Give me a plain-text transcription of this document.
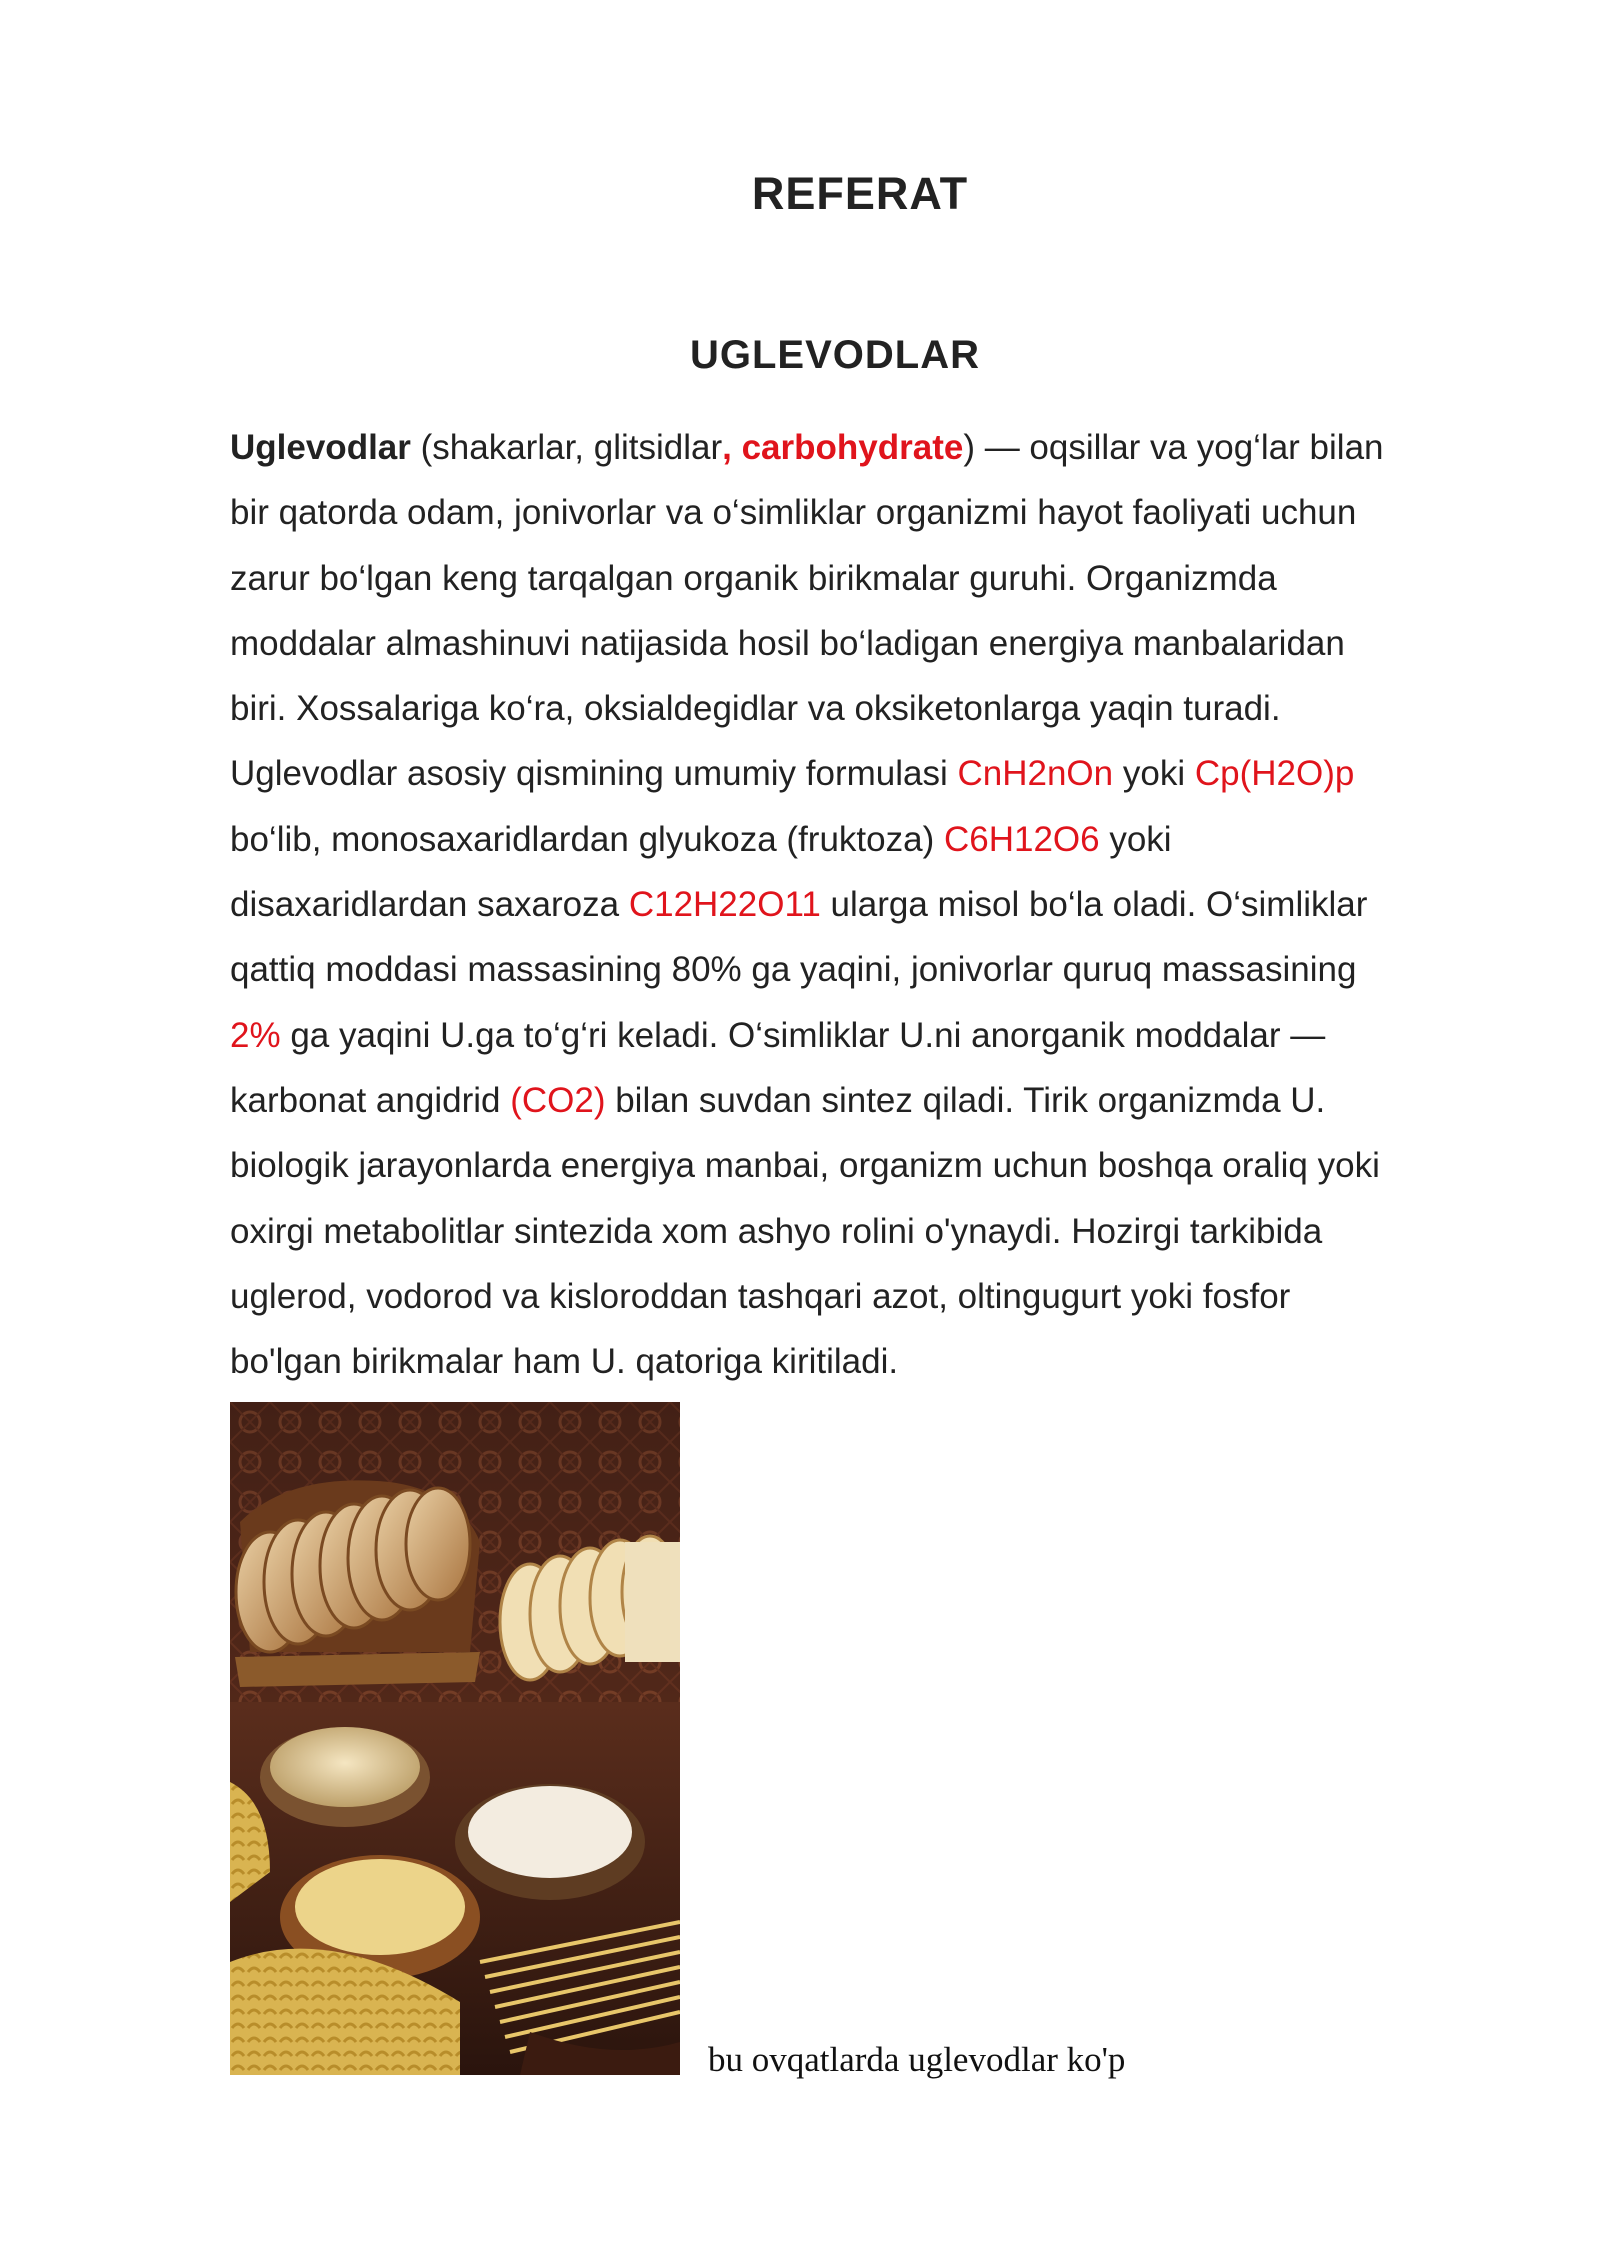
REFERAT
UGLEVODLAR

Uglevodlar (shakarlar, glitsidlar, carbohydrate) — oqsillar va yog‘lar bilan
bir qatorda odam, jonivorlar va o‘simliklar organizmi hayot faoliyati uchun
zarur bo‘lgan keng tarqalgan organik birikmalar guruhi. Organizmda
moddalar almashinuvi natijasida hosil bo‘ladigan energiya manbalaridan
biri. Xossalariga ko‘ra, oksialdegidlar va oksiketonlarga yaqin turadi.
Uglevodlar asosiy qismining umumiy formulasi CnH2nOn yoki Cp(H2O)p
bo‘lib, monosaxaridlardan glyukoza (fruktoza) C6H12O6 yoki
disaxaridlardan saxaroza C12H22O11 ularga misol bo‘la oladi. O‘simliklar
qattiq moddasi massasining 80% ga yaqini, jonivorlar quruq massasining
2% ga yaqini U.ga to‘g‘ri keladi. O‘simliklar U.ni anorganik moddalar —
karbonat angidrid (CO2) bilan suvdan sintez qiladi. Tirik organizmda U.
biologik jarayonlarda energiya manbai, organizm uchun boshqa oraliq yoki
oxirgi metabolitlar sintezida xom ashyo rolini o'ynaydi. Hozirgi tarkibida
uglerod, vodorod va kisloroddan tashqari azot, oltingugurt yoki fosfor
bo'lgan birikmalar ham U. qatoriga kiritiladi.

bu ovqatlarda uglevodlar ko'p
